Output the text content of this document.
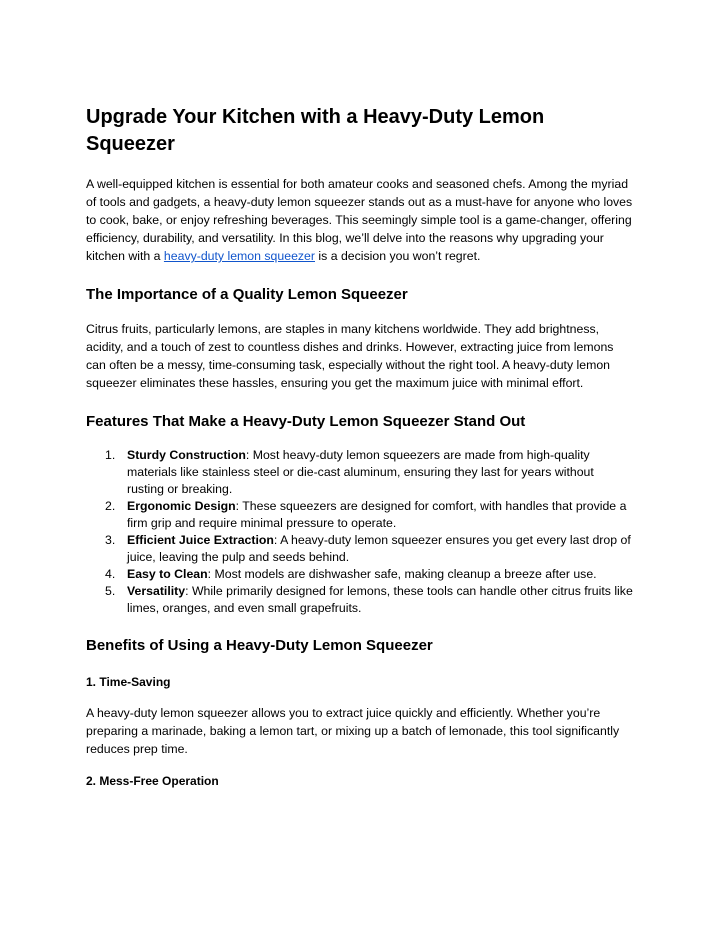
Upgrade Your Kitchen with a Heavy-Duty Lemon Squeezer

A well-equipped kitchen is essential for both amateur cooks and seasoned chefs. Among the myriad of tools and gadgets, a heavy-duty lemon squeezer stands out as a must-have for anyone who loves to cook, bake, or enjoy refreshing beverages. This seemingly simple tool is a game-changer, offering efficiency, durability, and versatility. In this blog, we’ll delve into the reasons why upgrading your kitchen with a heavy-duty lemon squeezer is a decision you won’t regret.

The Importance of a Quality Lemon Squeezer

Citrus fruits, particularly lemons, are staples in many kitchens worldwide. They add brightness, acidity, and a touch of zest to countless dishes and drinks. However, extracting juice from lemons can often be a messy, time-consuming task, especially without the right tool. A heavy-duty lemon squeezer eliminates these hassles, ensuring you get the maximum juice with minimal effort.

Features That Make a Heavy-Duty Lemon Squeezer Stand Out
1. Sturdy Construction: Most heavy-duty lemon squeezers are made from high-quality materials like stainless steel or die-cast aluminum, ensuring they last for years without rusting or breaking.
2. Ergonomic Design: These squeezers are designed for comfort, with handles that provide a firm grip and require minimal pressure to operate.
3. Efficient Juice Extraction: A heavy-duty lemon squeezer ensures you get every last drop of juice, leaving the pulp and seeds behind.
4. Easy to Clean: Most models are dishwasher safe, making cleanup a breeze after use.
5. Versatility: While primarily designed for lemons, these tools can handle other citrus fruits like limes, oranges, and even small grapefruits.
Benefits of Using a Heavy-Duty Lemon Squeezer
1. Time-Saving

A heavy-duty lemon squeezer allows you to extract juice quickly and efficiently. Whether you’re preparing a marinade, baking a lemon tart, or mixing up a batch of lemonade, this tool significantly reduces prep time.

2. Mess-Free Operation
